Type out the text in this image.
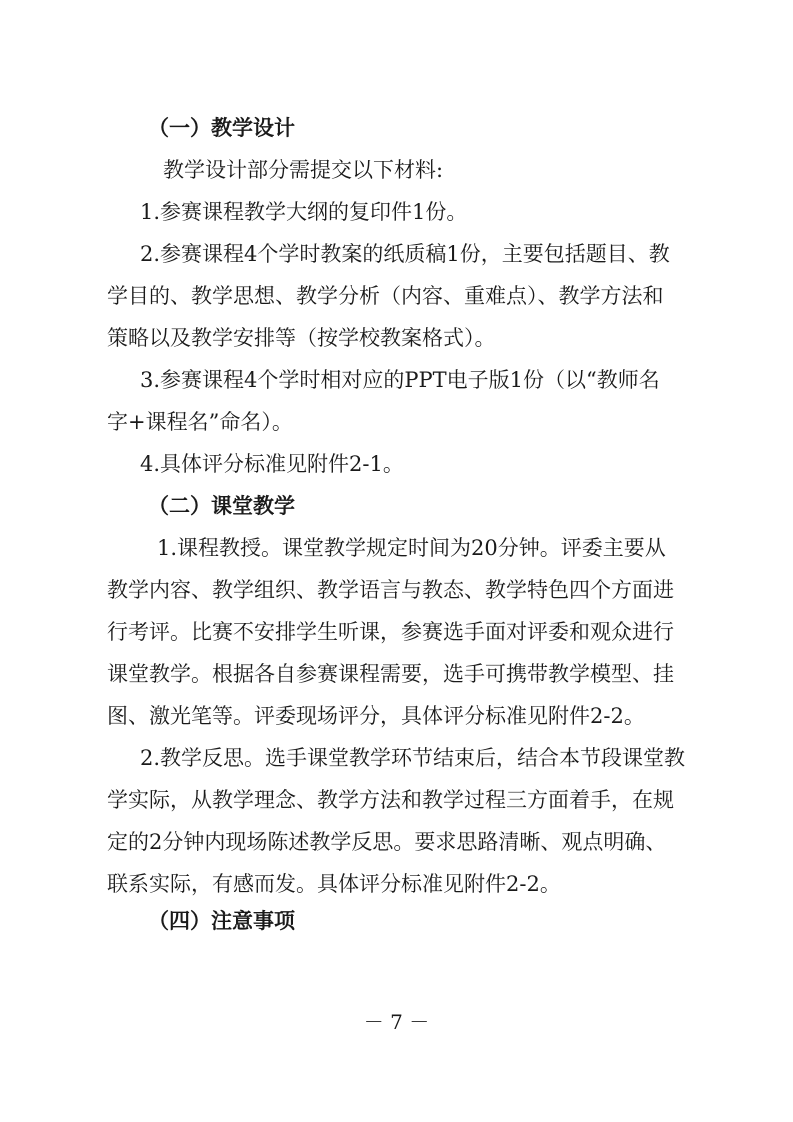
（一）教学设计
教学设计部分需提交以下材料:
1.参赛课程教学大纲的复印件1份。
2.参赛课程4个学时教案的纸质稿1份，主要包括题目、教
学目的、教学思想、教学分析（内容、重难点）、教学方法和
策略以及教学安排等（按学校教案格式）。
3.参赛课程4个学时相对应的PPT电子版1份（以“教师名
字+课程名”命名）。
4.具体评分标准见附件2-1。
（二）课堂教学
1.课程教授。课堂教学规定时间为20分钟。评委主要从
教学内容、教学组织、教学语言与教态、教学特色四个方面进
行考评。比赛不安排学生听课，参赛选手面对评委和观众进行
课堂教学。根据各自参赛课程需要，选手可携带教学模型、挂
图、激光笔等。评委现场评分，具体评分标准见附件2-2。
2.教学反思。选手课堂教学环节结束后，结合本节段课堂教
学实际，从教学理念、教学方法和教学过程三方面着手，在规
定的2分钟内现场陈述教学反思。要求思路清晰、观点明确、
联系实际，有感而发。具体评分标准见附件2-2。
（四）注意事项
－ 7 －
